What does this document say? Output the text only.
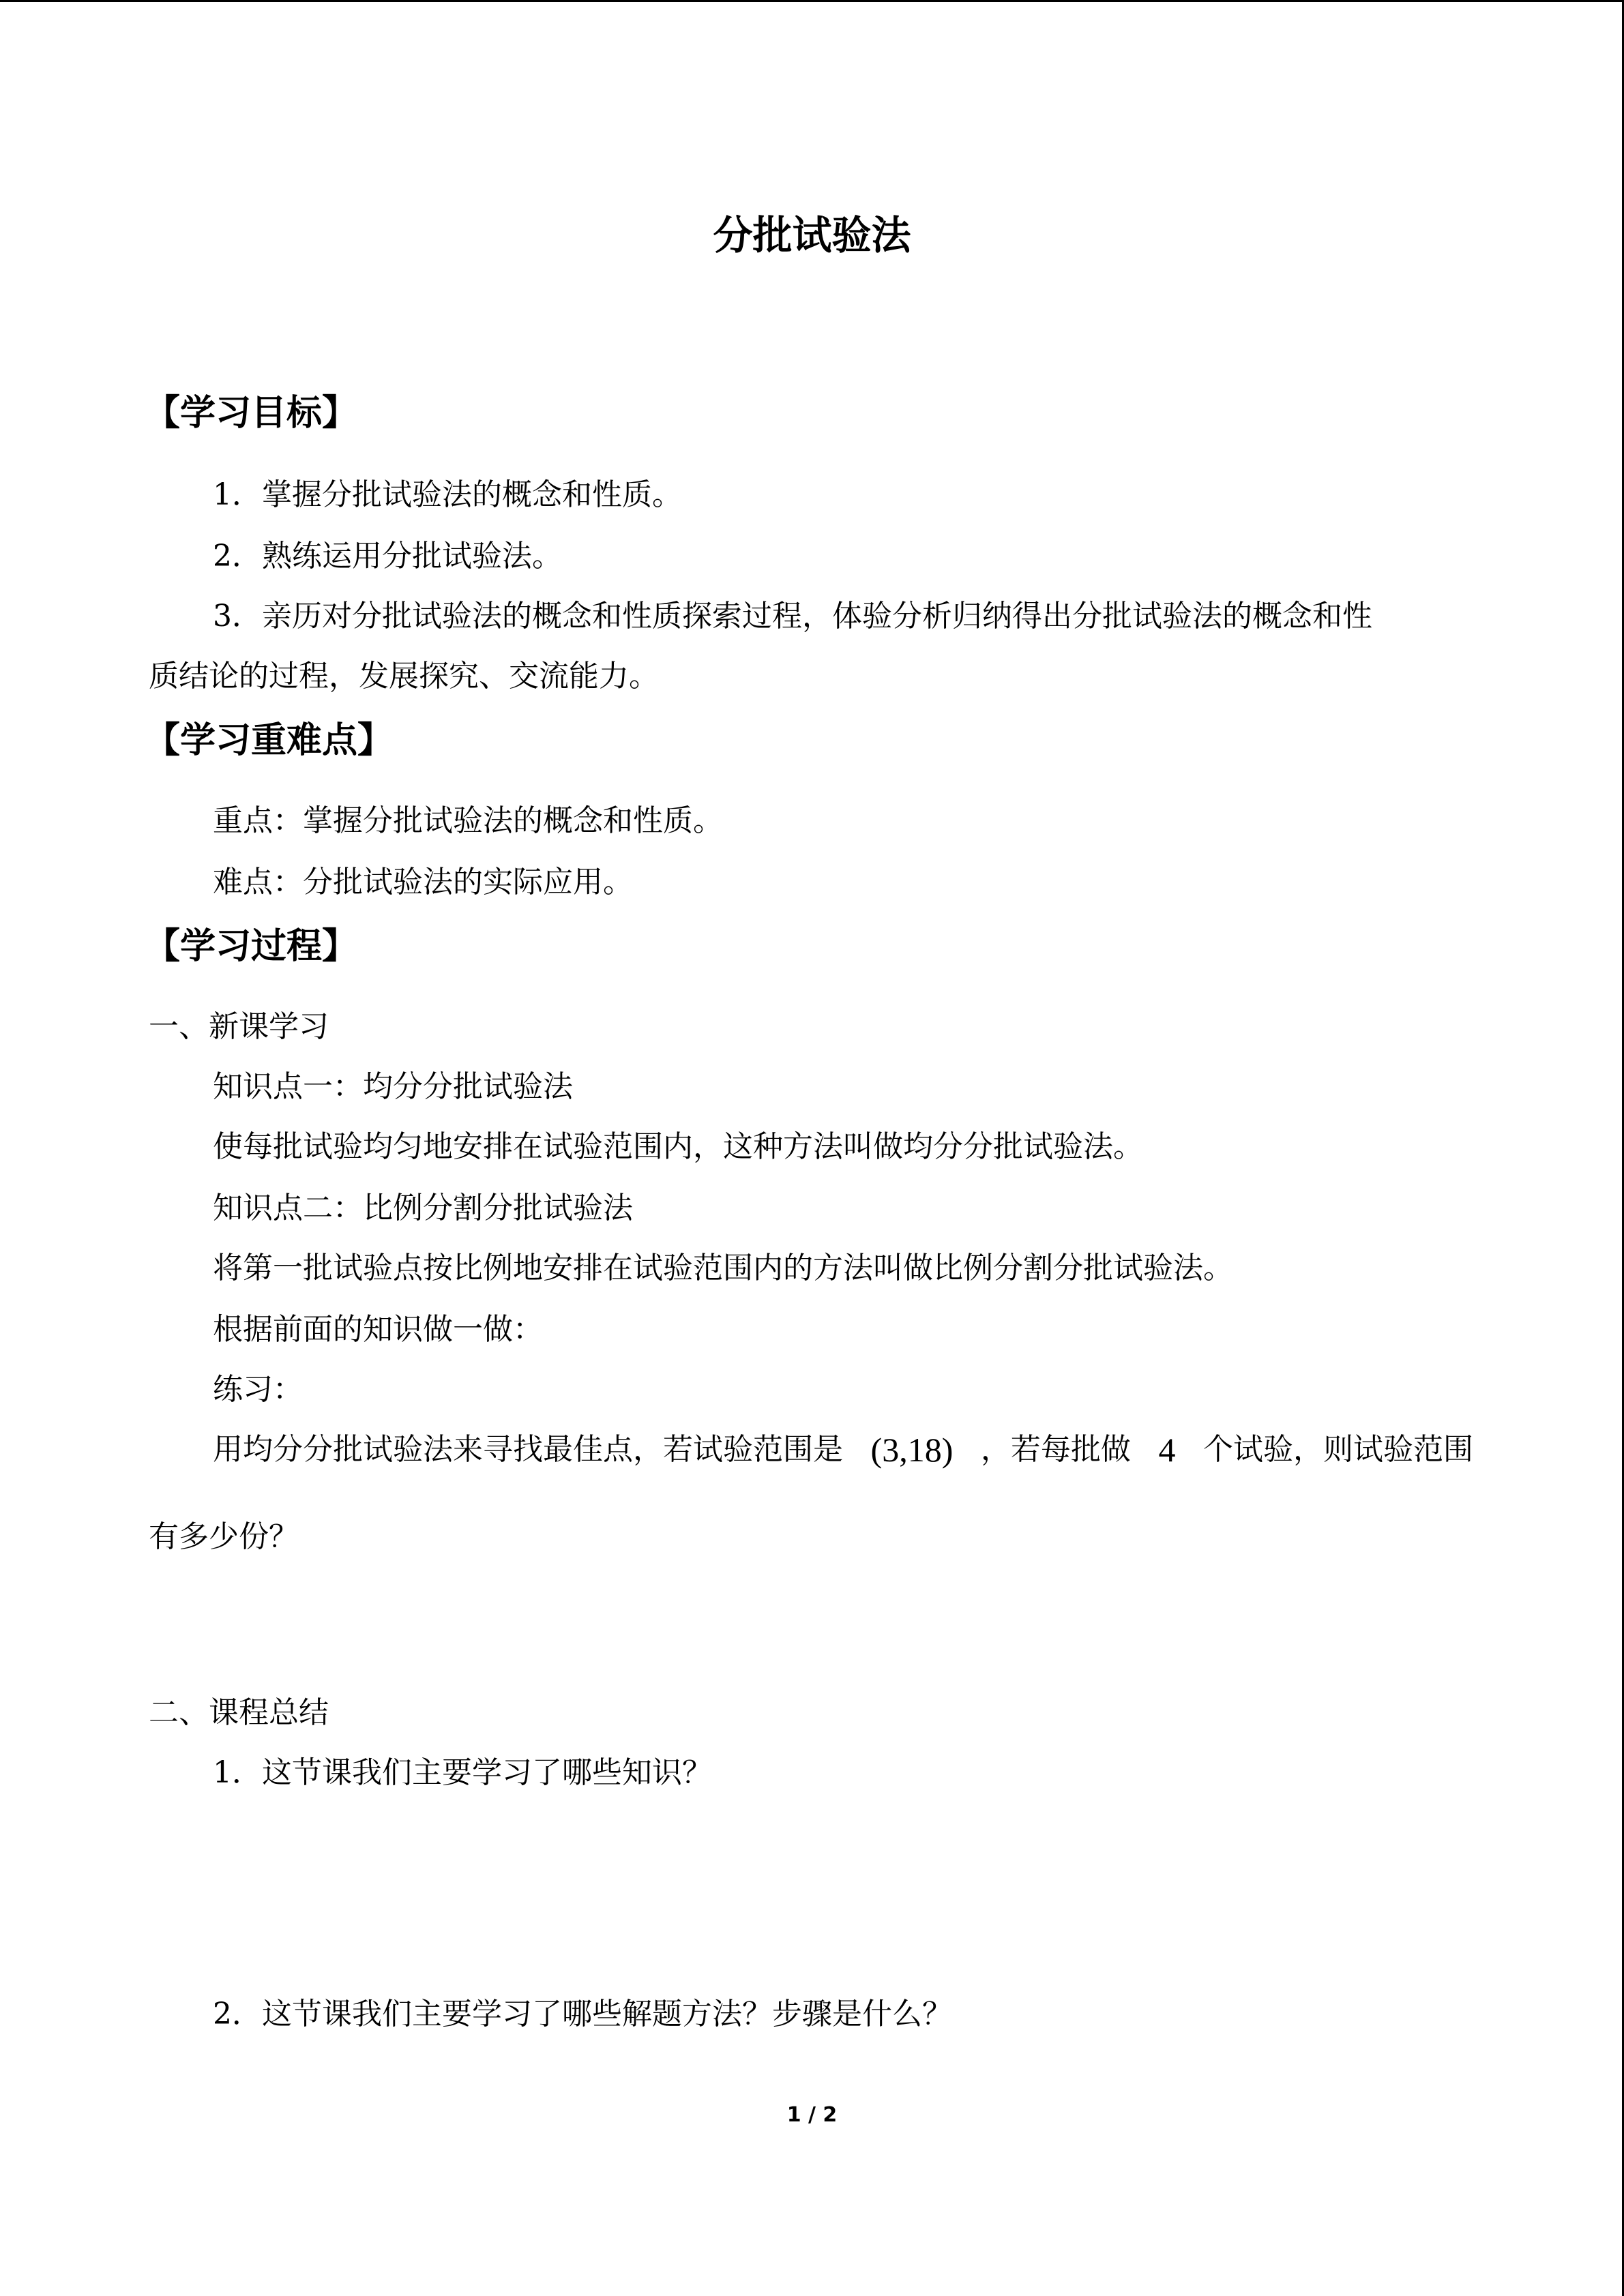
分批试验法
【学习目标】
1．掌握分批试验法的概念和性质。
2．熟练运用分批试验法。
3．亲历对分批试验法的概念和性质探索过程，体验分析归纳得出分批试验法的概念和性
质结论的过程，发展探究、交流能力。
【学习重难点】
重点：掌握分批试验法的概念和性质。
难点：分批试验法的实际应用。
【学习过程】
一、新课学习
知识点一：均分分批试验法
使每批试验均匀地安排在试验范围内，这种方法叫做均分分批试验法。
知识点二：比例分割分批试验法
将第一批试验点按比例地安排在试验范围内的方法叫做比例分割分批试验法。
根据前面的知识做一做：
练习：
用均分分批试验法来寻找最佳点，若试验范围是 (3,18) ，若每批做 4 个试验，则试验范围
有多少份？
二、课程总结
1．这节课我们主要学习了哪些知识？
2．这节课我们主要学习了哪些解题方法？步骤是什么？
1 / 2
